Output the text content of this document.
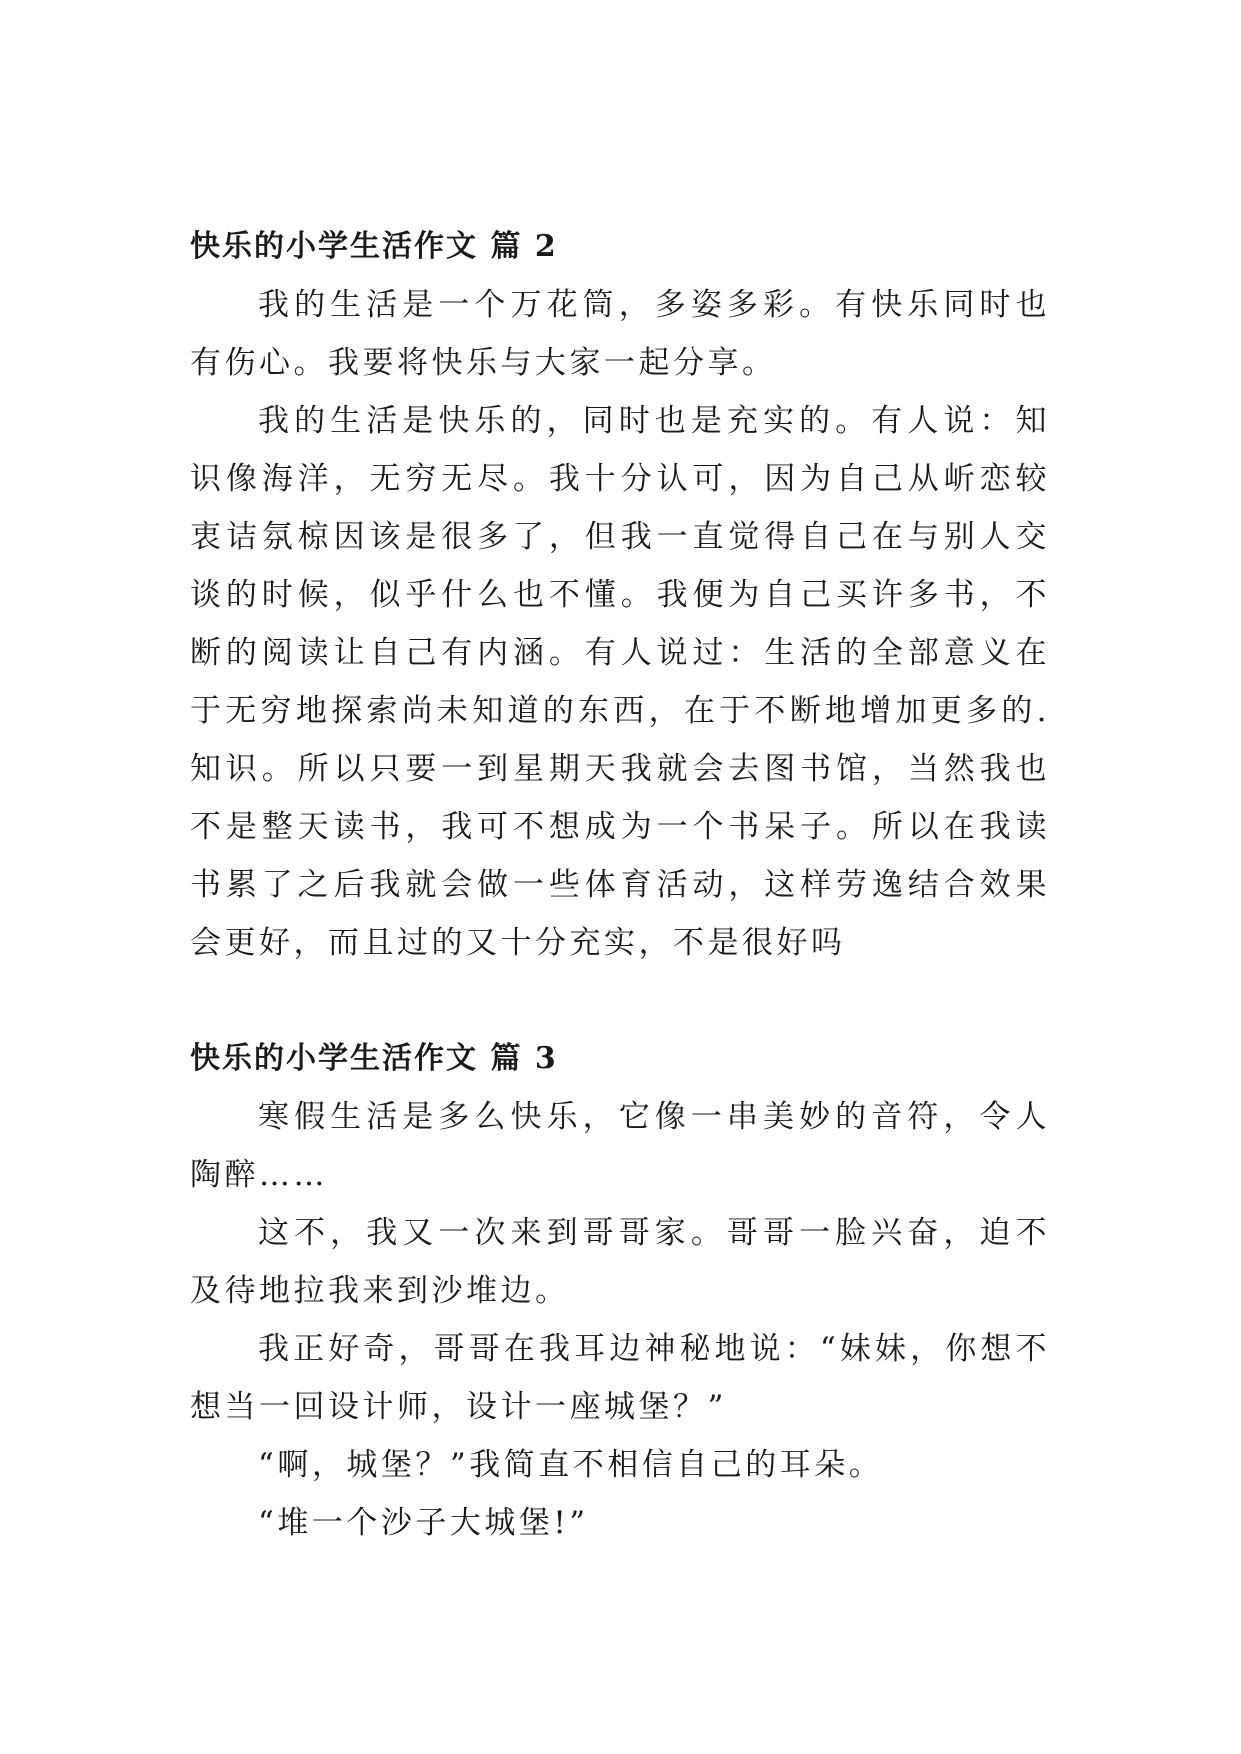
快乐的小学生活作文 篇 2

我的生活是一个万花筒，多姿多彩。有快乐同时也有伤心。我要将快乐与大家一起分享。

我的生活是快乐的，同时也是充实的。有人说：知识像海洋，无穷无尽。我十分认可，因为自己从岓恋较衷诘氛椋因该是很多了，但我一直觉得自己在与别人交谈的时候，似乎什么也不懂。我便为自己买许多书，不断的阅读让自己有内涵。有人说过：生活的全部意义在于无穷地探索尚未知道的东西，在于不断地增加更多的.知识。所以只要一到星期天我就会去图书馆，当然我也不是整天读书，我可不想成为一个书呆子。所以在我读书累了之后我就会做一些体育活动，这样劳逸结合效果会更好，而且过的又十分充实，不是很好吗

快乐的小学生活作文 篇 3

寒假生活是多么快乐，它像一串美妙的音符，令人陶醉……

这不，我又一次来到哥哥家。哥哥一脸兴奋，迫不及待地拉我来到沙堆边。

我正好奇，哥哥在我耳边神秘地说：“妹妹，你想不想当一回设计师，设计一座城堡？”

“啊，城堡？”我简直不相信自己的耳朵。

“堆一个沙子大城堡!”
